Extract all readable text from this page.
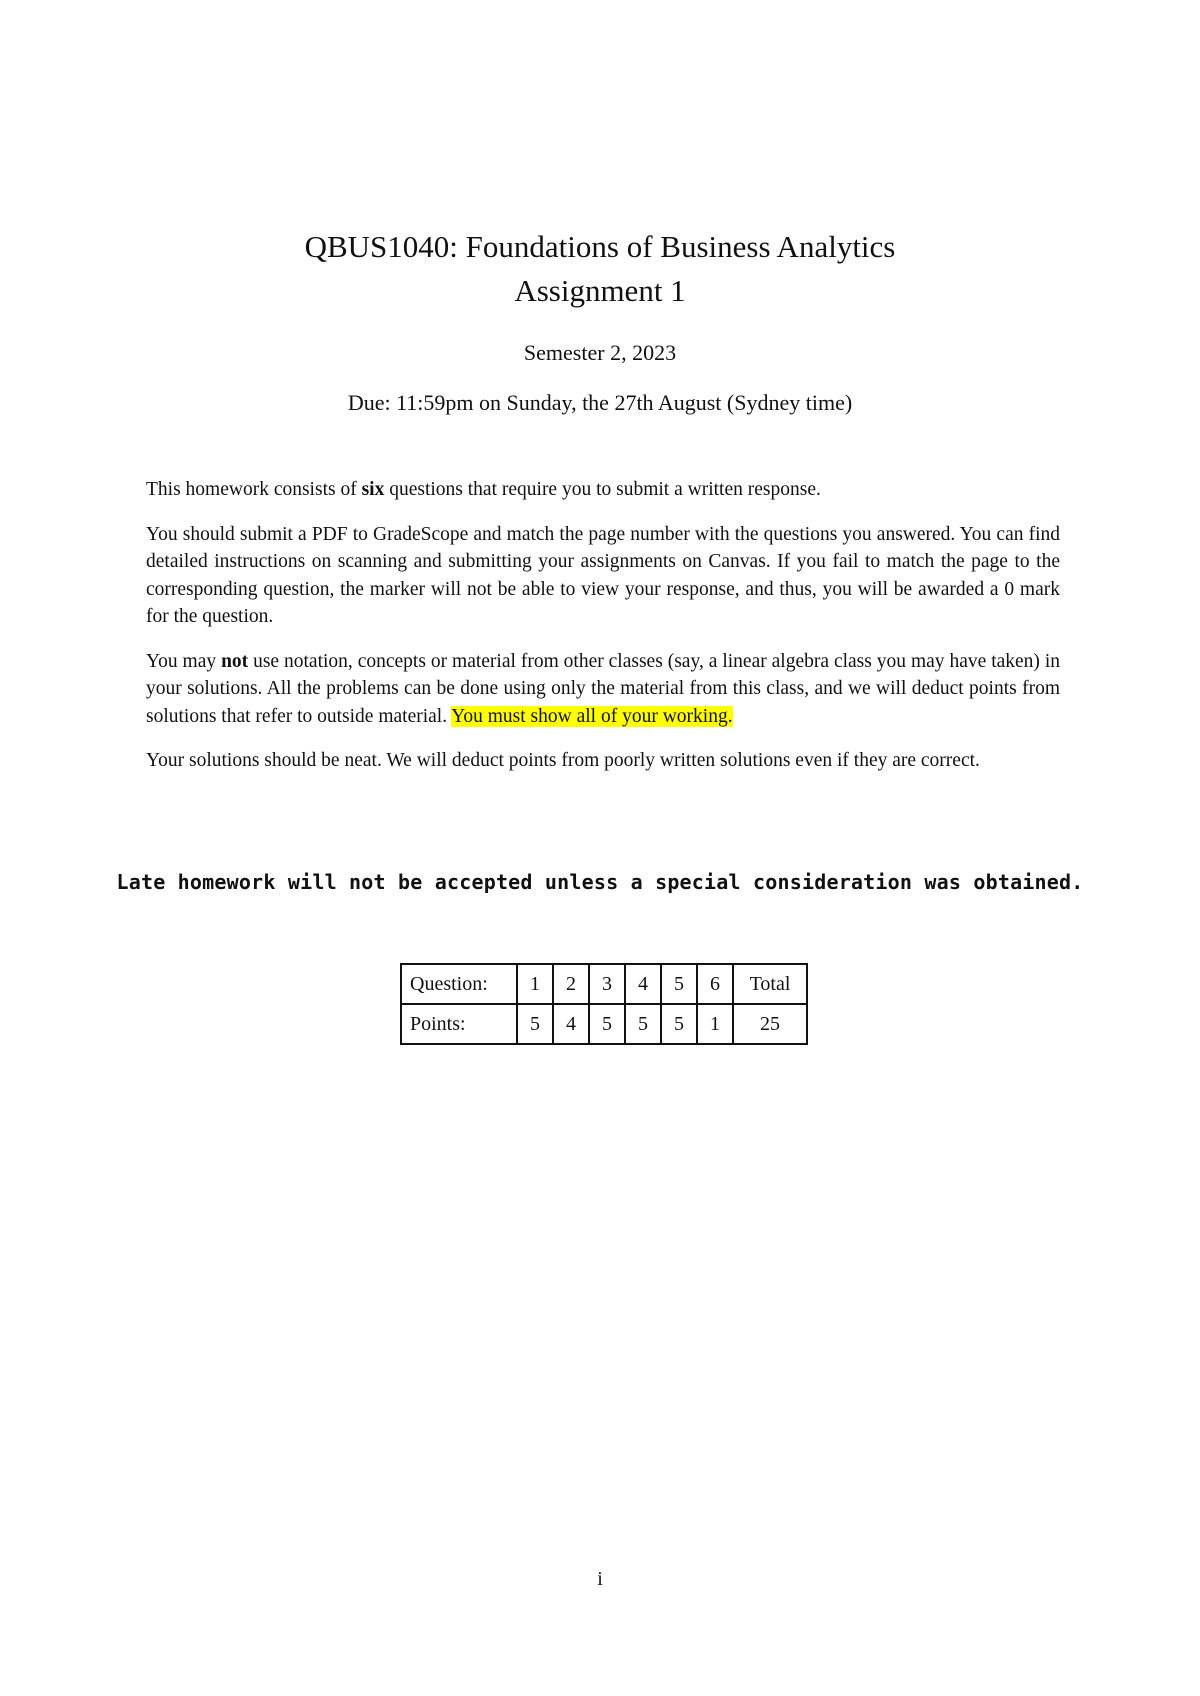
QBUS1040: Foundations of Business Analytics
Assignment 1
Semester 2, 2023
Due: 11:59pm on Sunday, the 27th August (Sydney time)

This homework consists of six questions that require you to submit a written response.

You should submit a PDF to GradeScope and match the page number with the questions you answered. You can find detailed instructions on scanning and submitting your assignments on Canvas. If you fail to match the page to the corresponding question, the marker will not be able to view your response, and thus, you will be awarded a 0 mark for the question.

You may not use notation, concepts or material from other classes (say, a linear algebra class you may have taken) in your solutions. All the problems can be done using only the material from this class, and we will deduct points from solutions that refer to outside material. You must show all of your working.

Your solutions should be neat. We will deduct points from poorly written solutions even if they are correct.

Late homework will not be accepted unless a special consideration was obtained.
Question:	1	2	3	4	5	6	Total
Points:	5	4	5	5	5	1	25
i
